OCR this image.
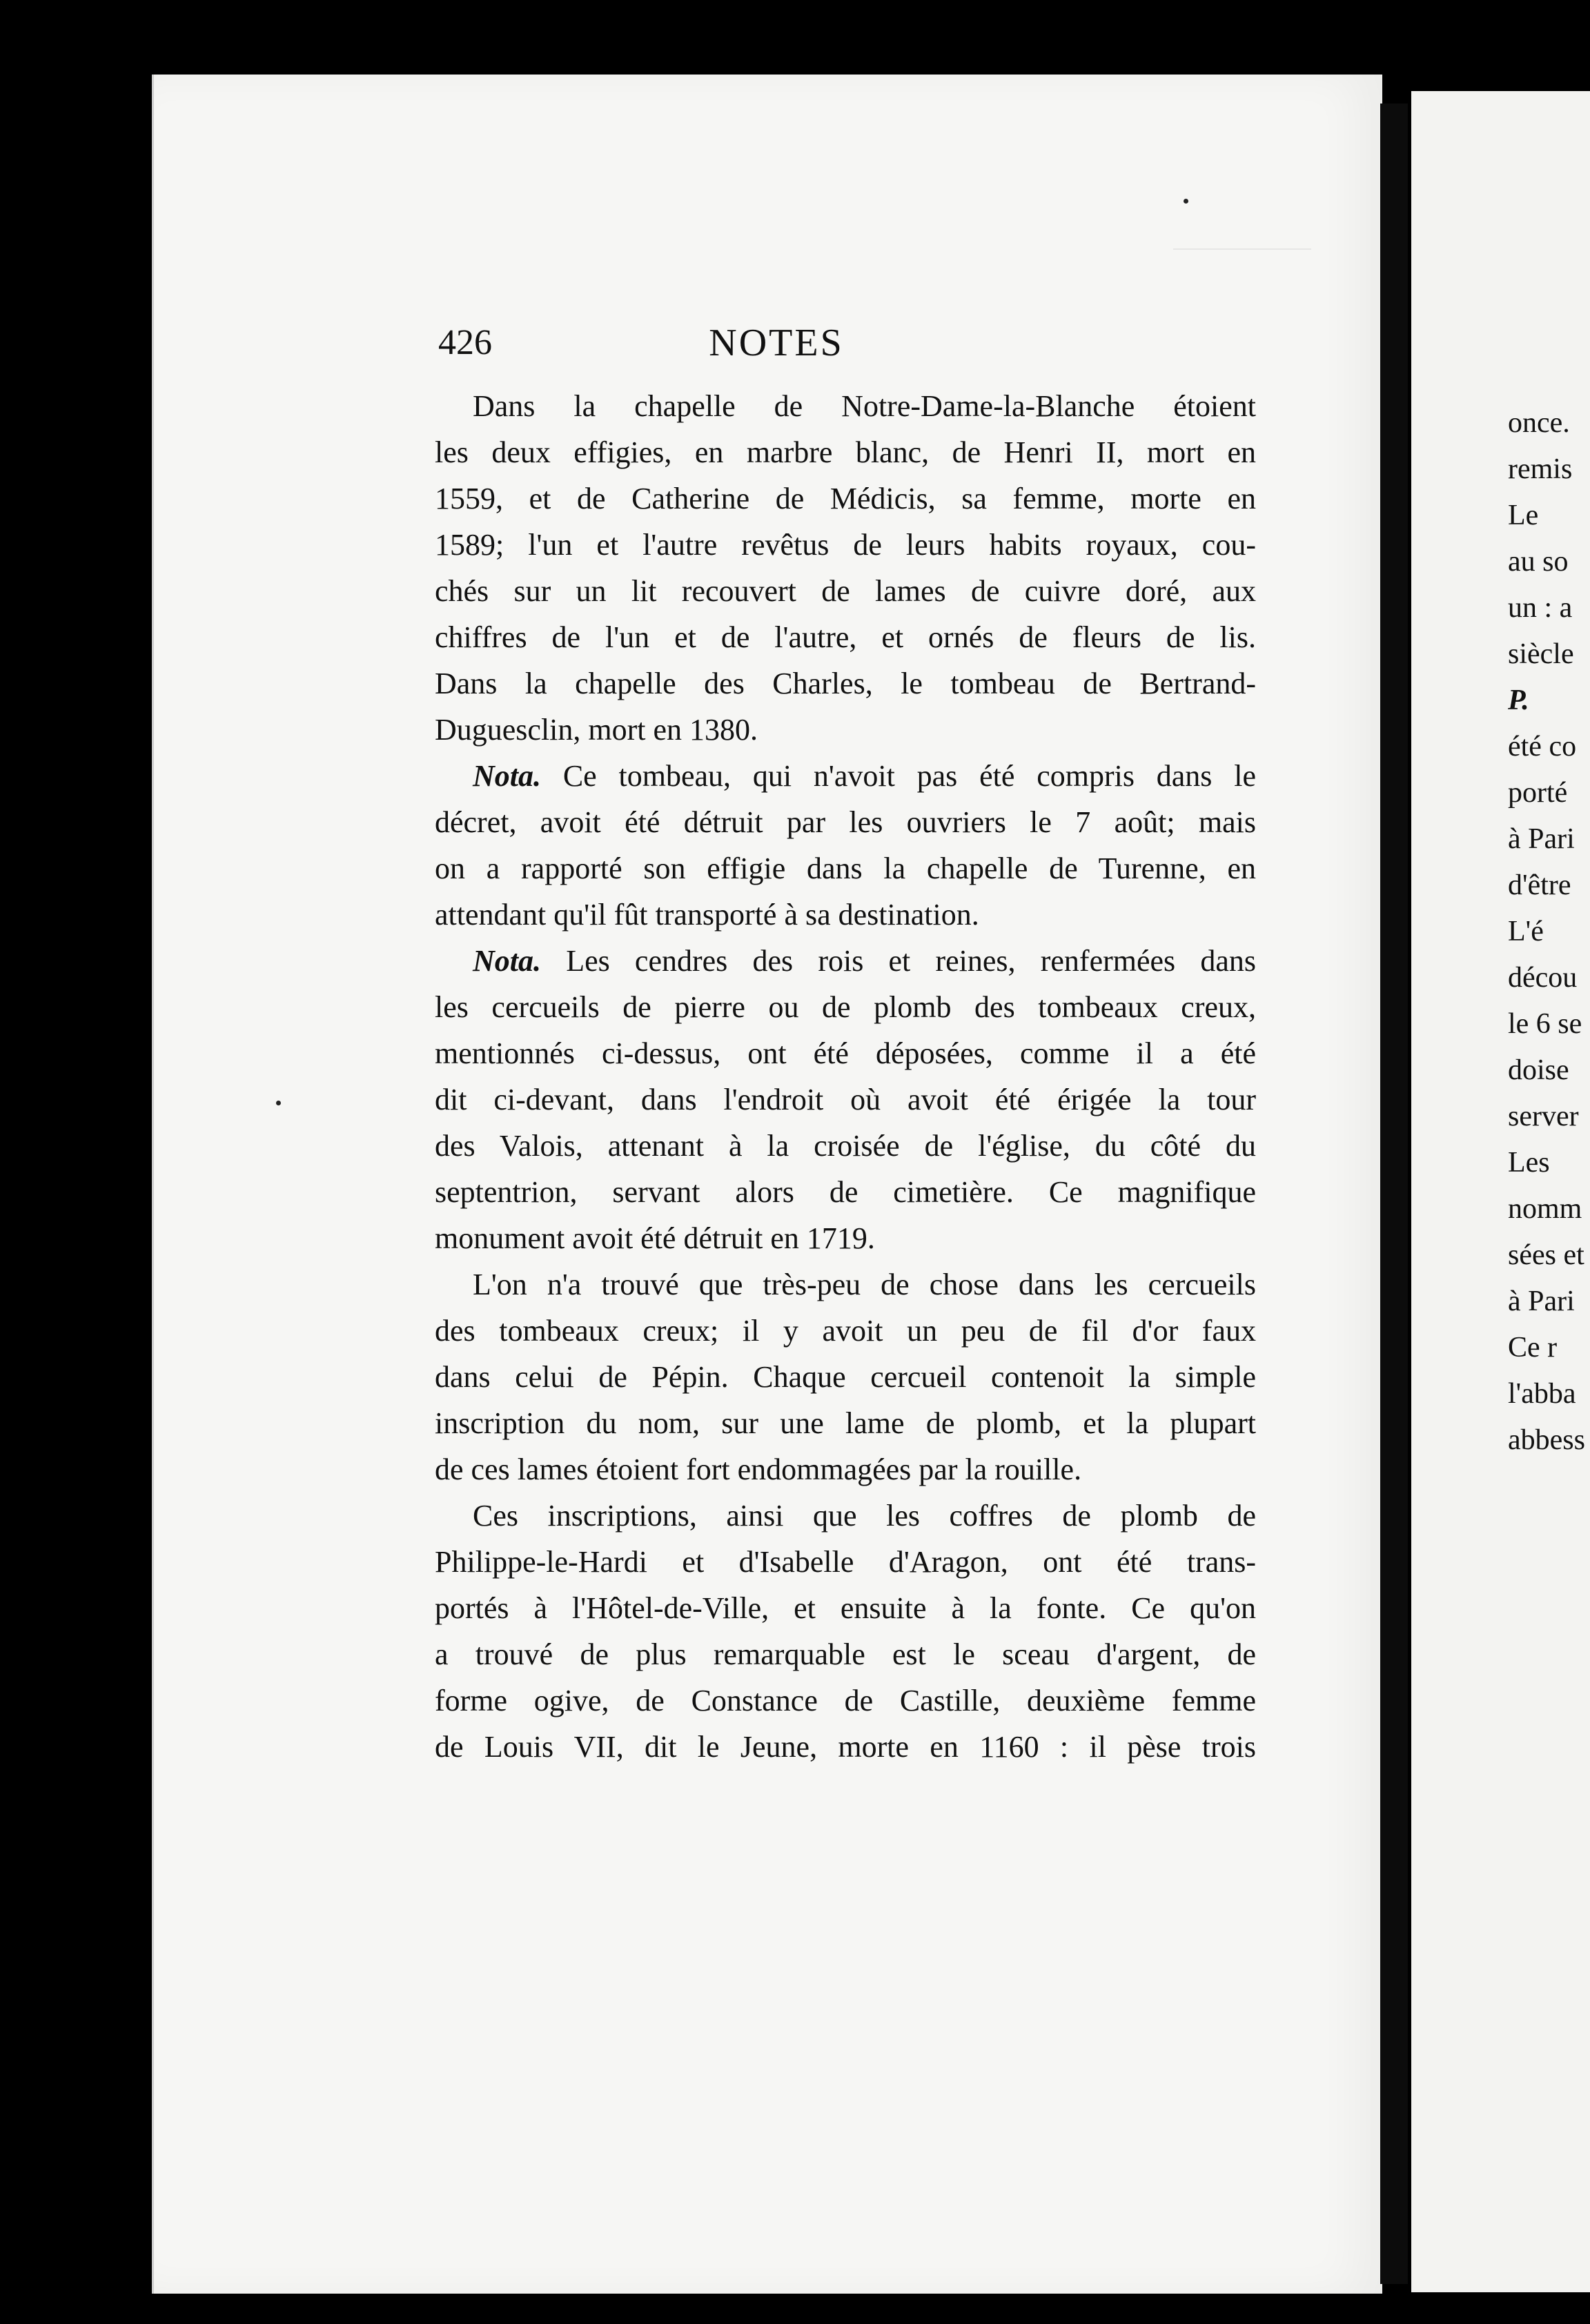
426	NOTES
Dans la chapelle de Notre-Dame-la-Blanche étoient
les deux effigies, en marbre blanc, de Henri II, mort en
1559, et de Catherine de Médicis, sa femme, morte en
1589; l'un et l'autre revêtus de leurs habits royaux, cou-
chés sur un lit recouvert de lames de cuivre doré, aux
chiffres de l'un et de l'autre, et ornés de fleurs de lis.
Dans la chapelle des Charles, le tombeau de Bertrand-
Duguesclin, mort en 1380.
Nota. Ce tombeau, qui n'avoit pas été compris dans le
décret, avoit été détruit par les ouvriers le 7 août; mais
on a rapporté son effigie dans la chapelle de Turenne, en
attendant qu'il fût transporté à sa destination.
Nota. Les cendres des rois et reines, renfermées dans
les cercueils de pierre ou de plomb des tombeaux creux,
mentionnés ci-dessus, ont été déposées, comme il a été
dit ci-devant, dans l'endroit où avoit été érigée la tour
des Valois, attenant à la croisée de l'église, du côté du
septentrion, servant alors de cimetière. Ce magnifique
monument avoit été détruit en 1719.
L'on n'a trouvé que très-peu de chose dans les cercueils
des tombeaux creux; il y avoit un peu de fil d'or faux
dans celui de Pépin. Chaque cercueil contenoit la simple
inscription du nom, sur une lame de plomb, et la plupart
de ces lames étoient fort endommagées par la rouille.
Ces inscriptions, ainsi que les coffres de plomb de
Philippe-le-Hardi et d'Isabelle d'Aragon, ont été trans-
portés à l'Hôtel-de-Ville, et ensuite à la fonte. Ce qu'on
a trouvé de plus remarquable est le sceau d'argent, de
forme ogive, de Constance de Castille, deuxième femme
de Louis VII, dit le Jeune, morte en 1160 : il pèse trois
once.
remis
Le
au so
un : a
siècle
P.
été co
porté
à Pari
d'être
L'é
décou
le 6 se
doise
server
Les
nomm
sées et
à Pari
Ce r
l'abba
abbess
